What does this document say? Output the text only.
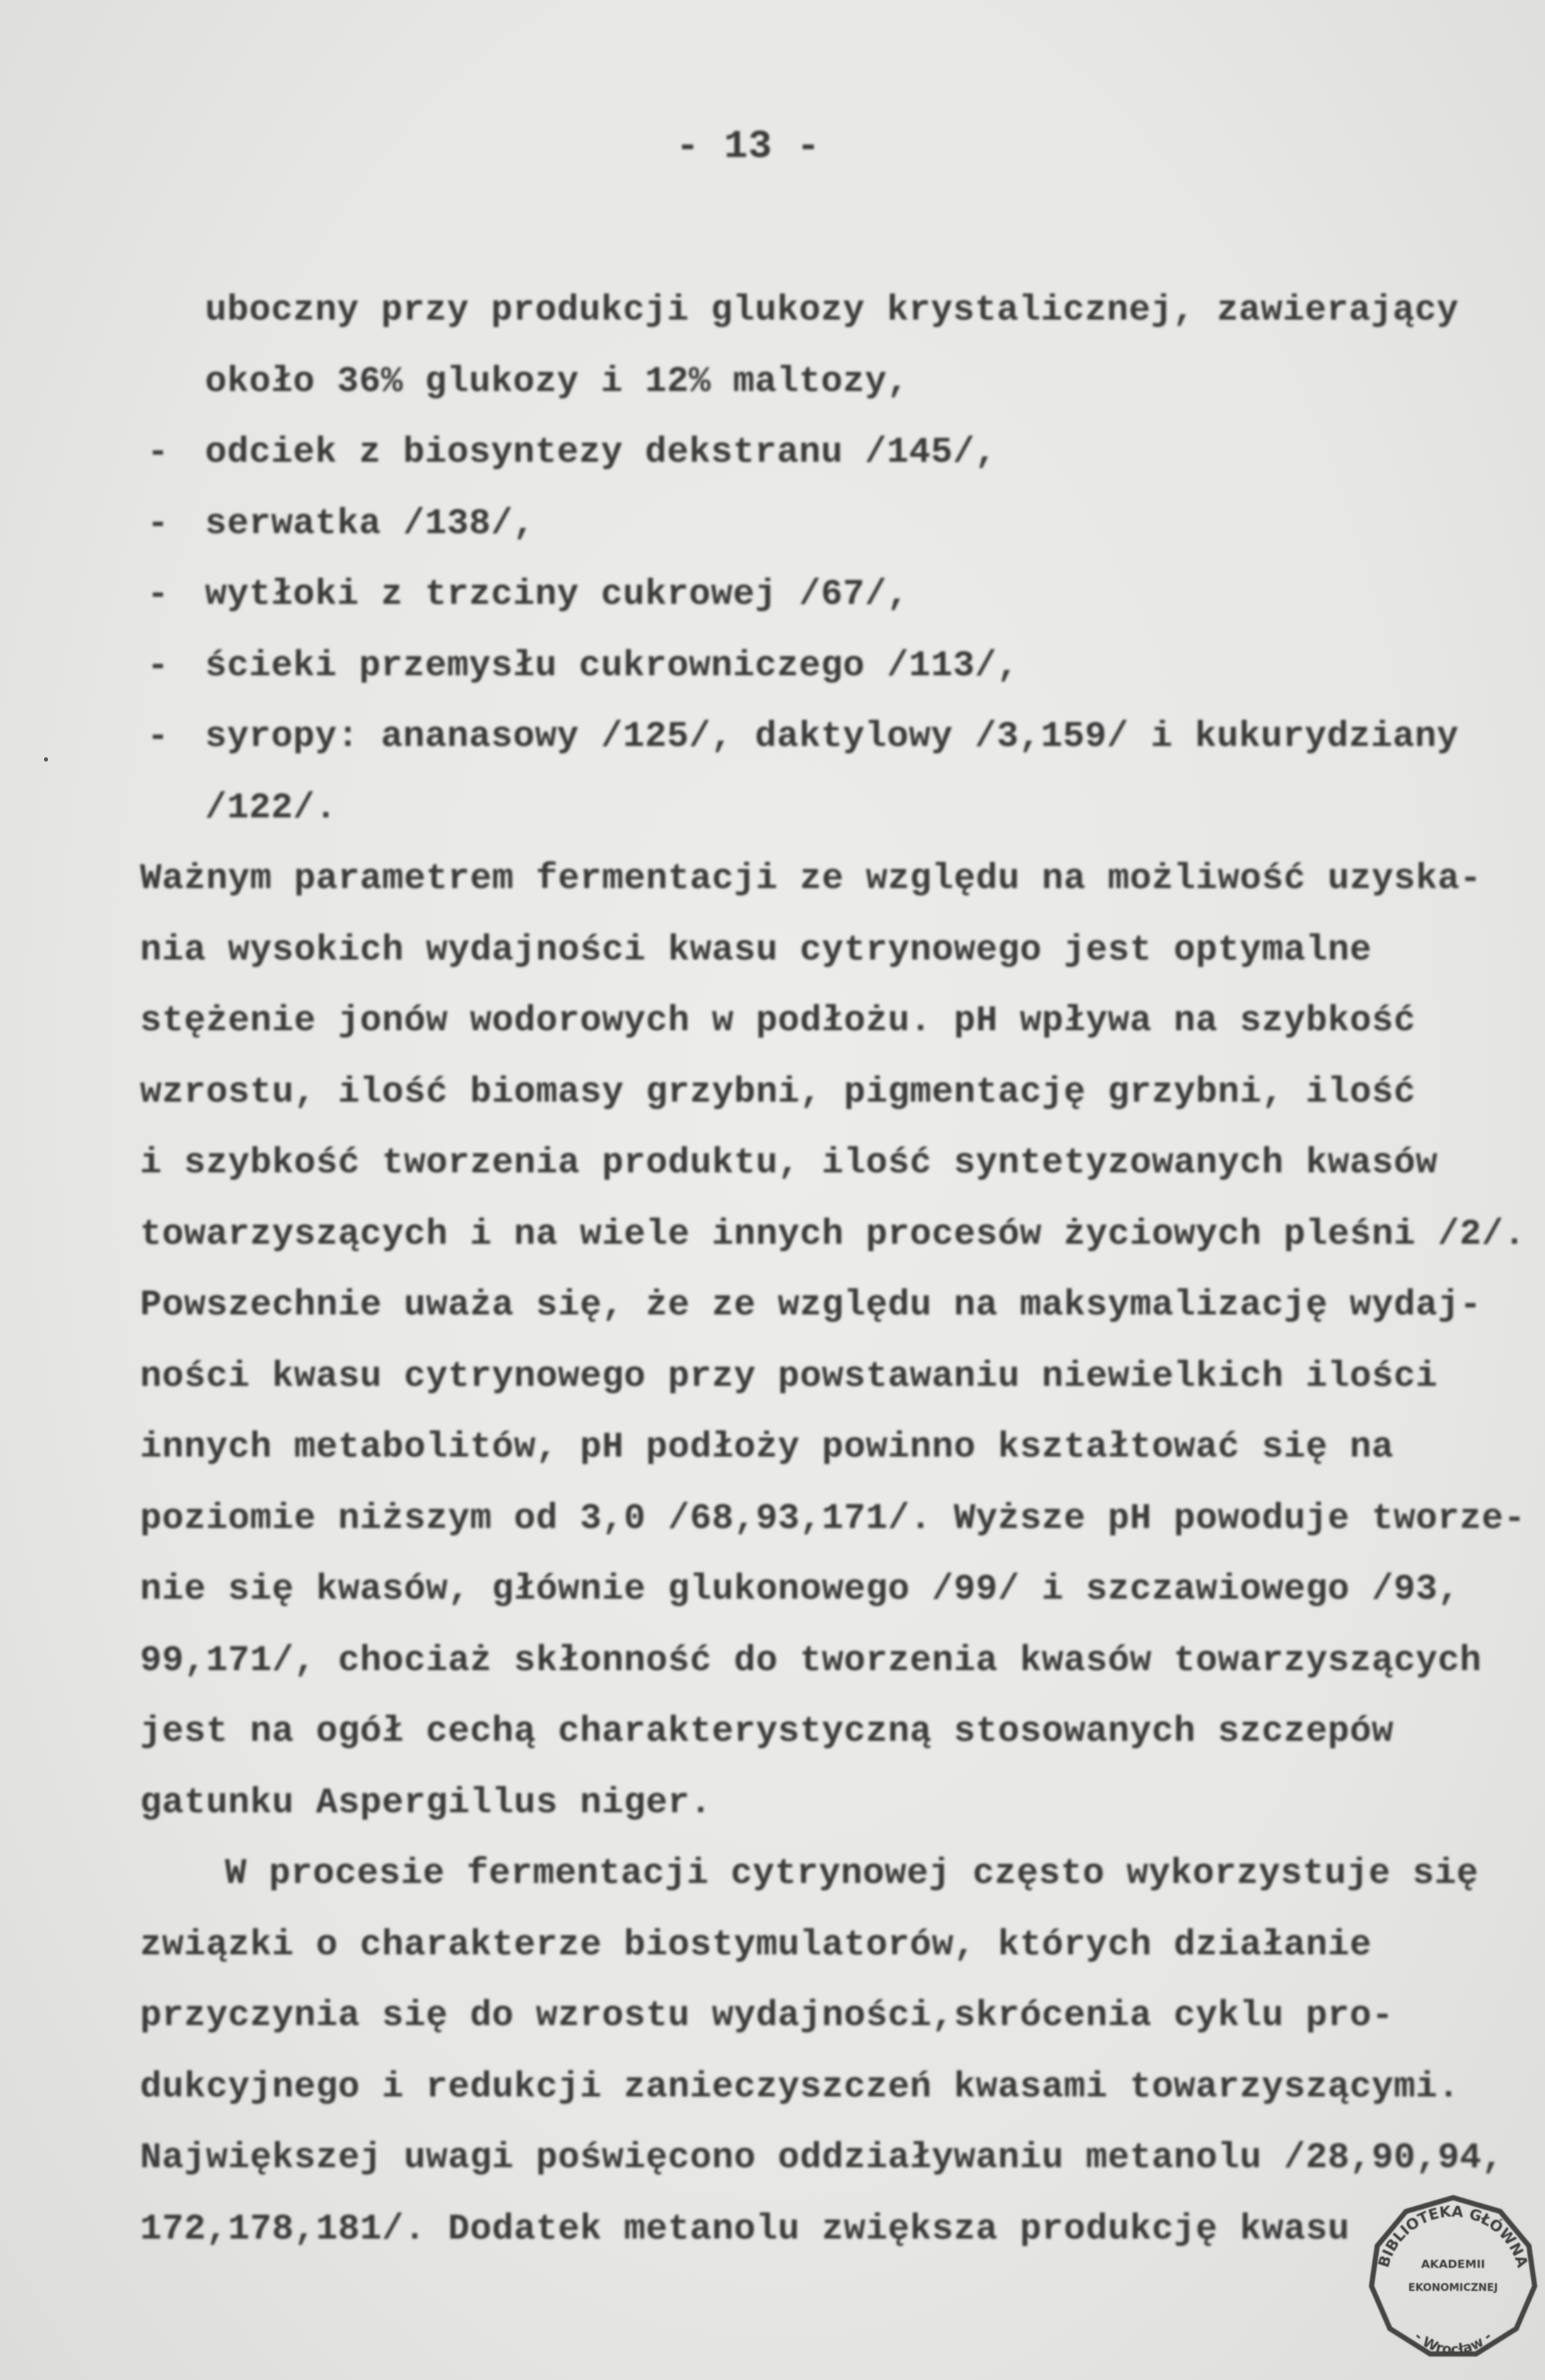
- 13 -
uboczny przy produkcji glukozy krystalicznej, zawierający
około 36% glukozy i 12% maltozy,
- odciek z biosyntezy dekstranu /145/,
- serwatka /138/,
- wytłoki z trzciny cukrowej /67/,
- ścieki przemysłu cukrowniczego /113/,
- syropy: ananasowy /125/, daktylowy /3,159/ i kukurydziany
/122/.
Ważnym parametrem fermentacji ze względu na możliwość uzyska-
nia wysokich wydajności kwasu cytrynowego jest optymalne
stężenie jonów wodorowych w podłożu. pH wpływa na szybkość
wzrostu, ilość biomasy grzybni, pigmentację grzybni, ilość
i szybkość tworzenia produktu, ilość syntetyzowanych kwasów
towarzyszących i na wiele innych procesów życiowych pleśni /2/.
Powszechnie uważa się, że ze względu na maksymalizację wydaj-
ności kwasu cytrynowego przy powstawaniu niewielkich ilości
innych metabolitów, pH podłoży powinno kształtować się na
poziomie niższym od 3,0 /68,93,171/. Wyższe pH powoduje tworze-
nie się kwasów, głównie glukonowego /99/ i szczawiowego /93,
99,171/, chociaż skłonność do tworzenia kwasów towarzyszących
jest na ogół cechą charakterystyczną stosowanych szczepów
gatunku Aspergillus niger.
W procesie fermentacji cytrynowej często wykorzystuje się
związki o charakterze biostymulatorów, których działanie
przyczynia się do wzrostu wydajności,skrócenia cyklu pro-
dukcyjnego i redukcji zanieczyszczeń kwasami towarzyszącymi.
Największej uwagi poświęcono oddziaływaniu metanolu /28,90,94,
172,178,181/. Dodatek metanolu zwiększa produkcję kwasu
BIBLIOTEKA GŁÓWNA
AKADEMII
EKONOMICZNEJ
- Wrocław -
